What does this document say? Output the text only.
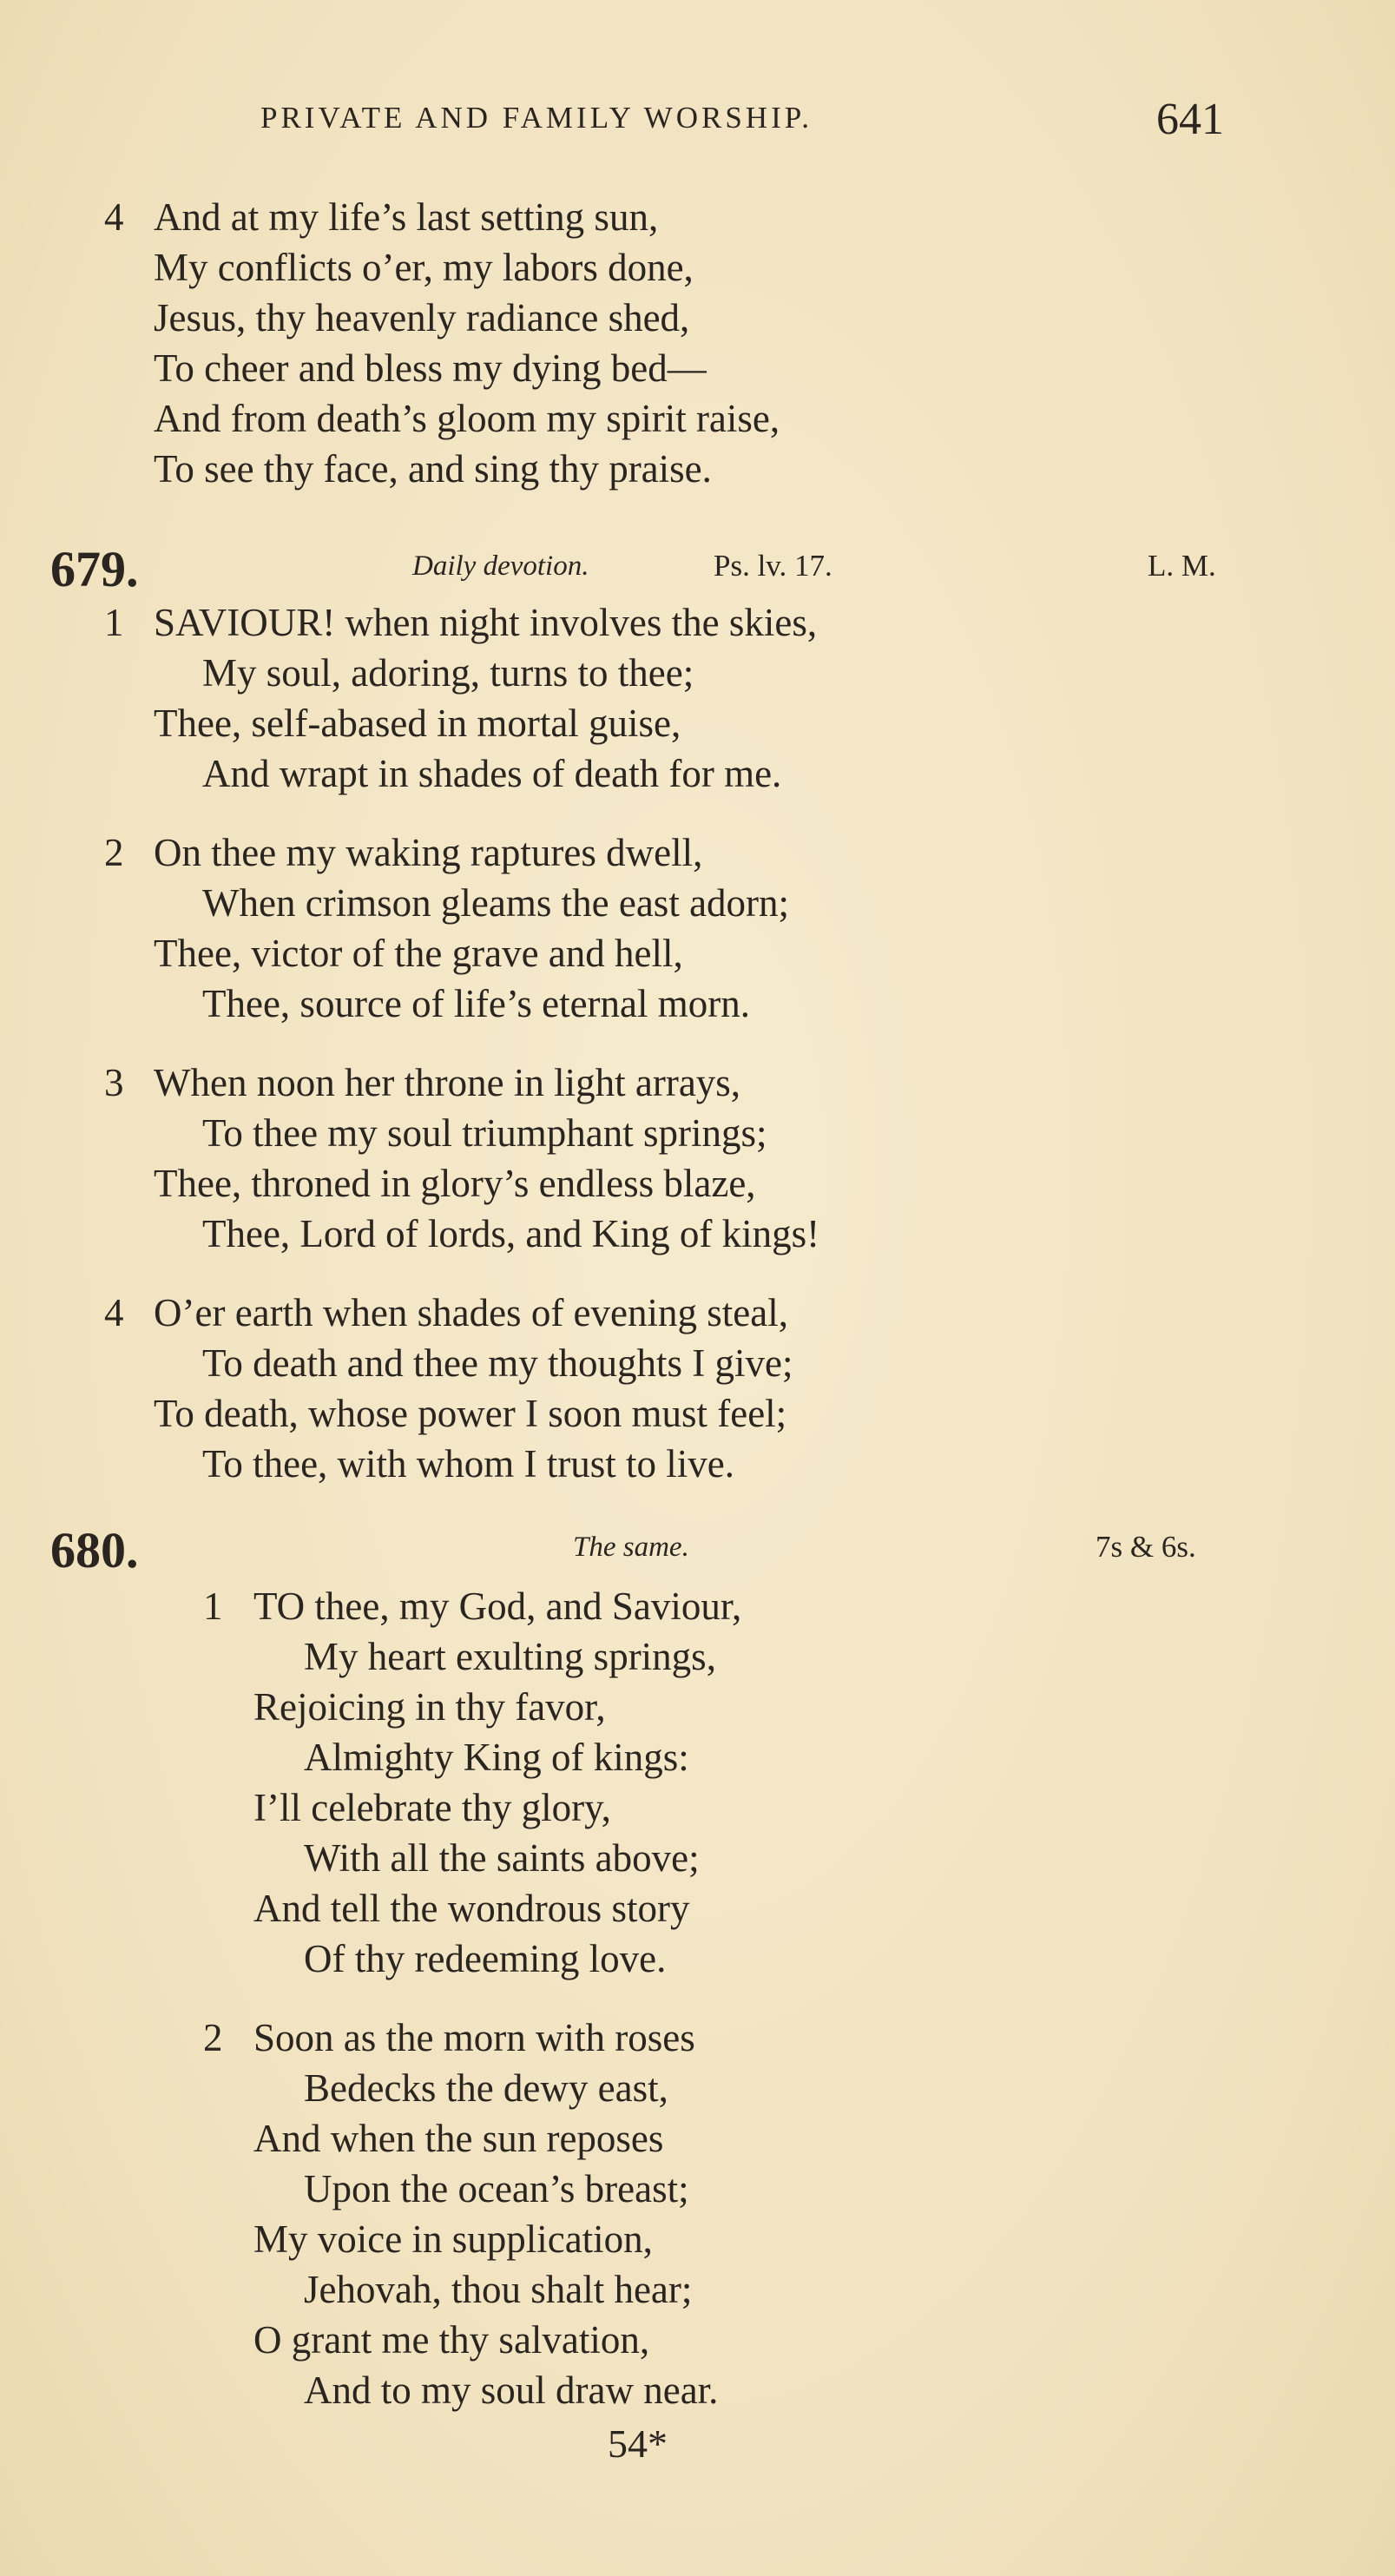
PRIVATE AND FAMILY WORSHIP.	641
4 And at my life’s last setting sun,
My conflicts o’er, my labors done,
Jesus, thy heavenly radiance shed,
To cheer and bless my dying bed—
And from death’s gloom my spirit raise,
To see thy face, and sing thy praise.
679.	Daily devotion.	Ps. lv. 17.	L. M.
1 SAVIOUR! when night involves the skies,
My soul, adoring, turns to thee;
Thee, self-abased in mortal guise,
And wrapt in shades of death for me.
2 On thee my waking raptures dwell,
When crimson gleams the east adorn;
Thee, victor of the grave and hell,
Thee, source of life’s eternal morn.
3 When noon her throne in light arrays,
To thee my soul triumphant springs;
Thee, throned in glory’s endless blaze,
Thee, Lord of lords, and King of kings!
4 O’er earth when shades of evening steal,
To death and thee my thoughts I give;
To death, whose power I soon must feel;
To thee, with whom I trust to live.
680.	The same.	7s & 6s.
1 TO thee, my God, and Saviour,
My heart exulting springs,
Rejoicing in thy favor,
Almighty King of kings:
I’ll celebrate thy glory,
With all the saints above;
And tell the wondrous story
Of thy redeeming love.
2 Soon as the morn with roses
Bedecks the dewy east,
And when the sun reposes
Upon the ocean’s breast;
My voice in supplication,
Jehovah, thou shalt hear;
O grant me thy salvation,
And to my soul draw near.
54*
